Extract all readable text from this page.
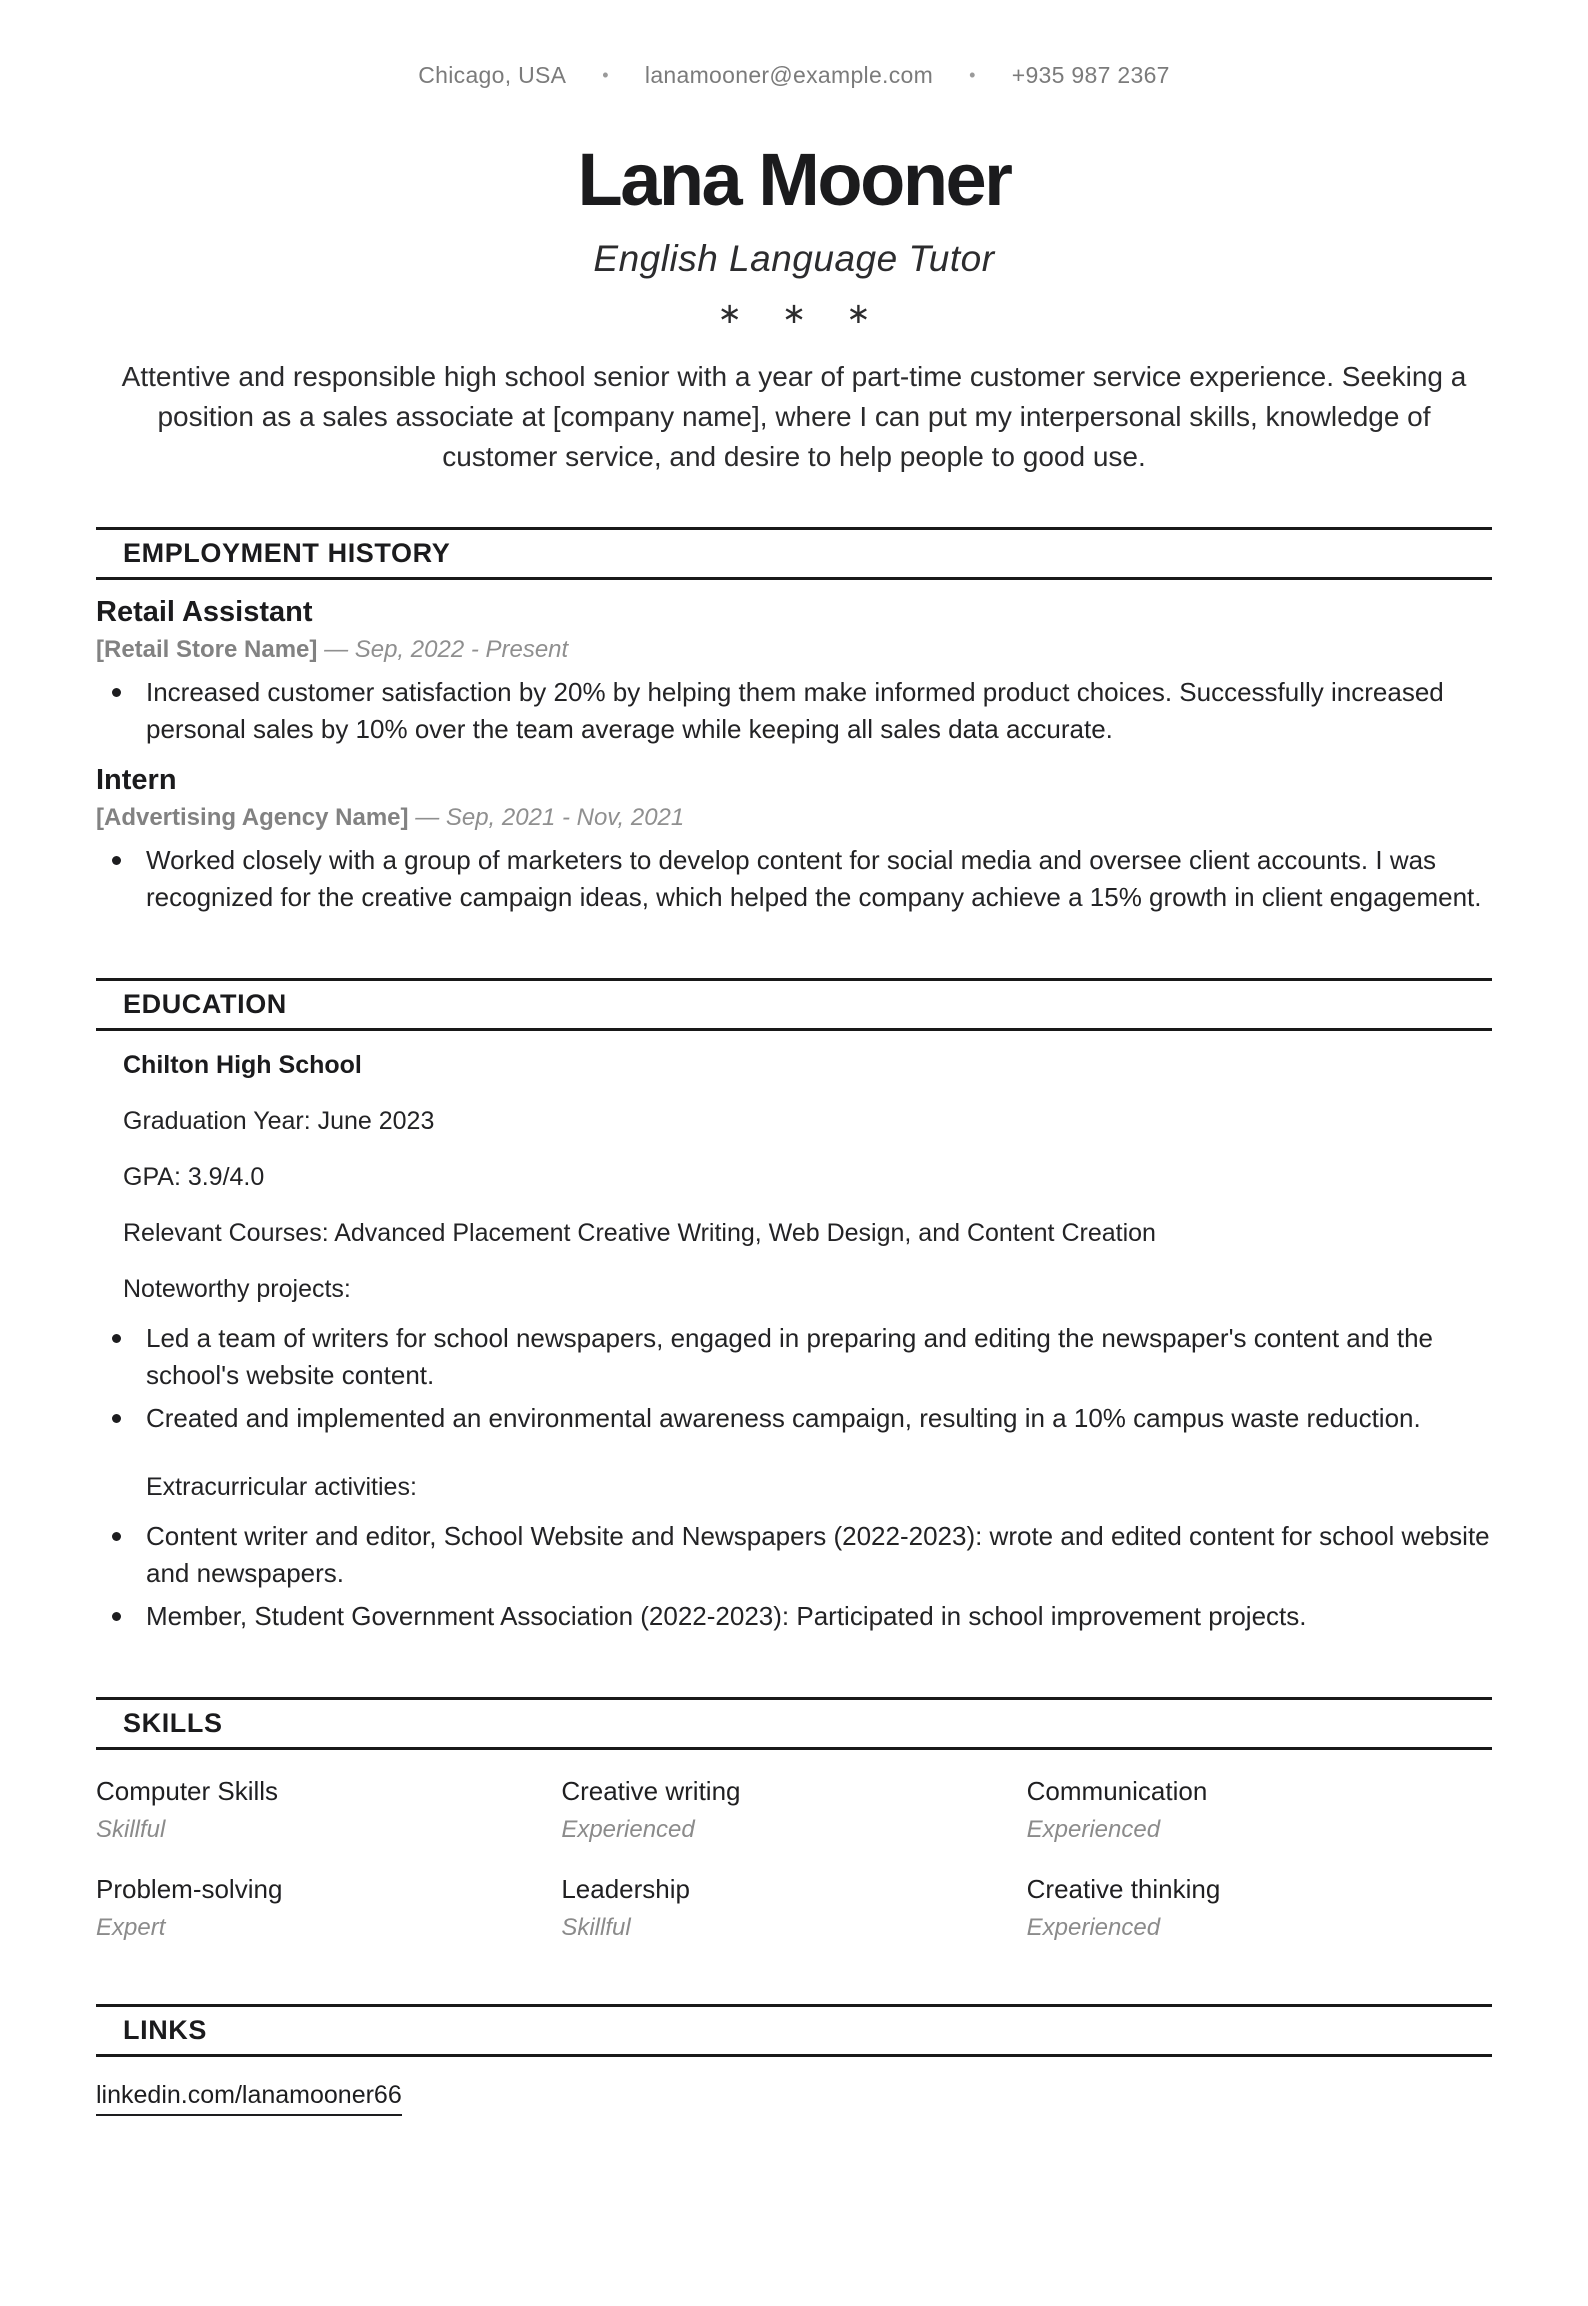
Chicago, USA • lanamooner@example.com • +935 987 2367
Lana Mooner
English Language Tutor
∗ ∗ ∗

Attentive and responsible high school senior with a year of part-time customer service experience. Seeking a position as a sales associate at [company name], where I can put my interpersonal skills, knowledge of customer service, and desire to help people to good use.

EMPLOYMENT HISTORY
Retail Assistant
[Retail Store Name] — Sep, 2022 - Present
Increased customer satisfaction by 20% by helping them make informed product choices. Successfully increased personal sales by 10% over the team average while keeping all sales data accurate.
Intern
[Advertising Agency Name] — Sep, 2021 - Nov, 2021
Worked closely with a group of marketers to develop content for social media and oversee client accounts. I was recognized for the creative campaign ideas, which helped the company achieve a 15% growth in client engagement.
EDUCATION
Chilton High School
Graduation Year: June 2023
GPA: 3.9/4.0
Relevant Courses: Advanced Placement Creative Writing, Web Design, and Content Creation
Noteworthy projects:
Led a team of writers for school newspapers, engaged in preparing and editing the newspaper's content and the school's website content.
Created and implemented an environmental awareness campaign, resulting in a 10% campus waste reduction.
Extracurricular activities:
Content writer and editor, School Website and Newspapers (2022-2023): wrote and edited content for school website and newspapers.
Member, Student Government Association (2022-2023): Participated in school improvement projects.
SKILLS
Computer Skills
Skillful
Creative writing
Experienced
Communication
Experienced
Problem-solving
Expert
Leadership
Skillful
Creative thinking
Experienced
LINKS
linkedin.com/lanamooner66
